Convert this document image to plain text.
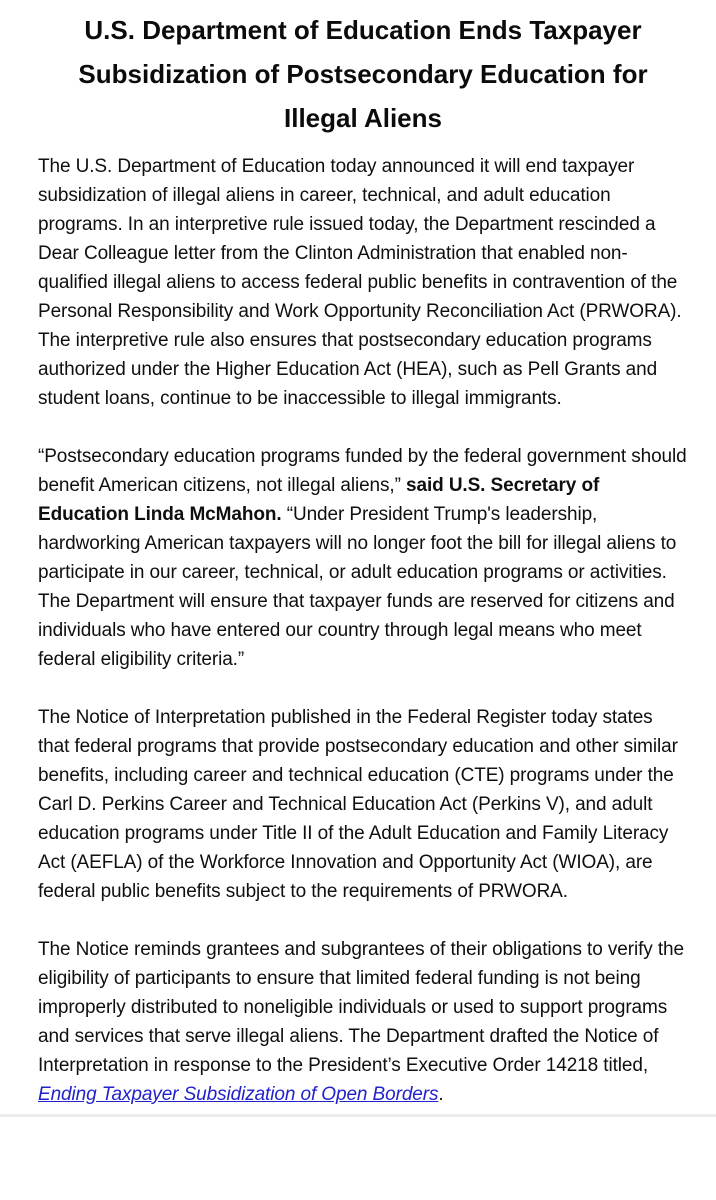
U.S. Department of Education Ends Taxpayer Subsidization of Postsecondary Education for Illegal Aliens

The U.S. Department of Education today announced it will end taxpayer subsidization of illegal aliens in career, technical, and adult education programs. In an interpretive rule issued today, the Department rescinded a Dear Colleague letter from the Clinton Administration that enabled non-qualified illegal aliens to access federal public benefits in contravention of the Personal Responsibility and Work Opportunity Reconciliation Act (PRWORA). The interpretive rule also ensures that postsecondary education programs authorized under the Higher Education Act (HEA), such as Pell Grants and student loans, continue to be inaccessible to illegal immigrants.

“Postsecondary education programs funded by the federal government should benefit American citizens, not illegal aliens,” said U.S. Secretary of Education Linda McMahon. “Under President Trump's leadership, hardworking American taxpayers will no longer foot the bill for illegal aliens to participate in our career, technical, or adult education programs or activities. The Department will ensure that taxpayer funds are reserved for citizens and individuals who have entered our country through legal means who meet federal eligibility criteria.”

The Notice of Interpretation published in the Federal Register today states that federal programs that provide postsecondary education and other similar benefits, including career and technical education (CTE) programs under the Carl D. Perkins Career and Technical Education Act (Perkins V), and adult education programs under Title II of the Adult Education and Family Literacy Act (AEFLA) of the Workforce Innovation and Opportunity Act (WIOA), are federal public benefits subject to the requirements of PRWORA.

The Notice reminds grantees and subgrantees of their obligations to verify the eligibility of participants to ensure that limited federal funding is not being improperly distributed to noneligible individuals or used to support programs and services that serve illegal aliens. The Department drafted the Notice of Interpretation in response to the President’s Executive Order 14218 titled, Ending Taxpayer Subsidization of Open Borders.
